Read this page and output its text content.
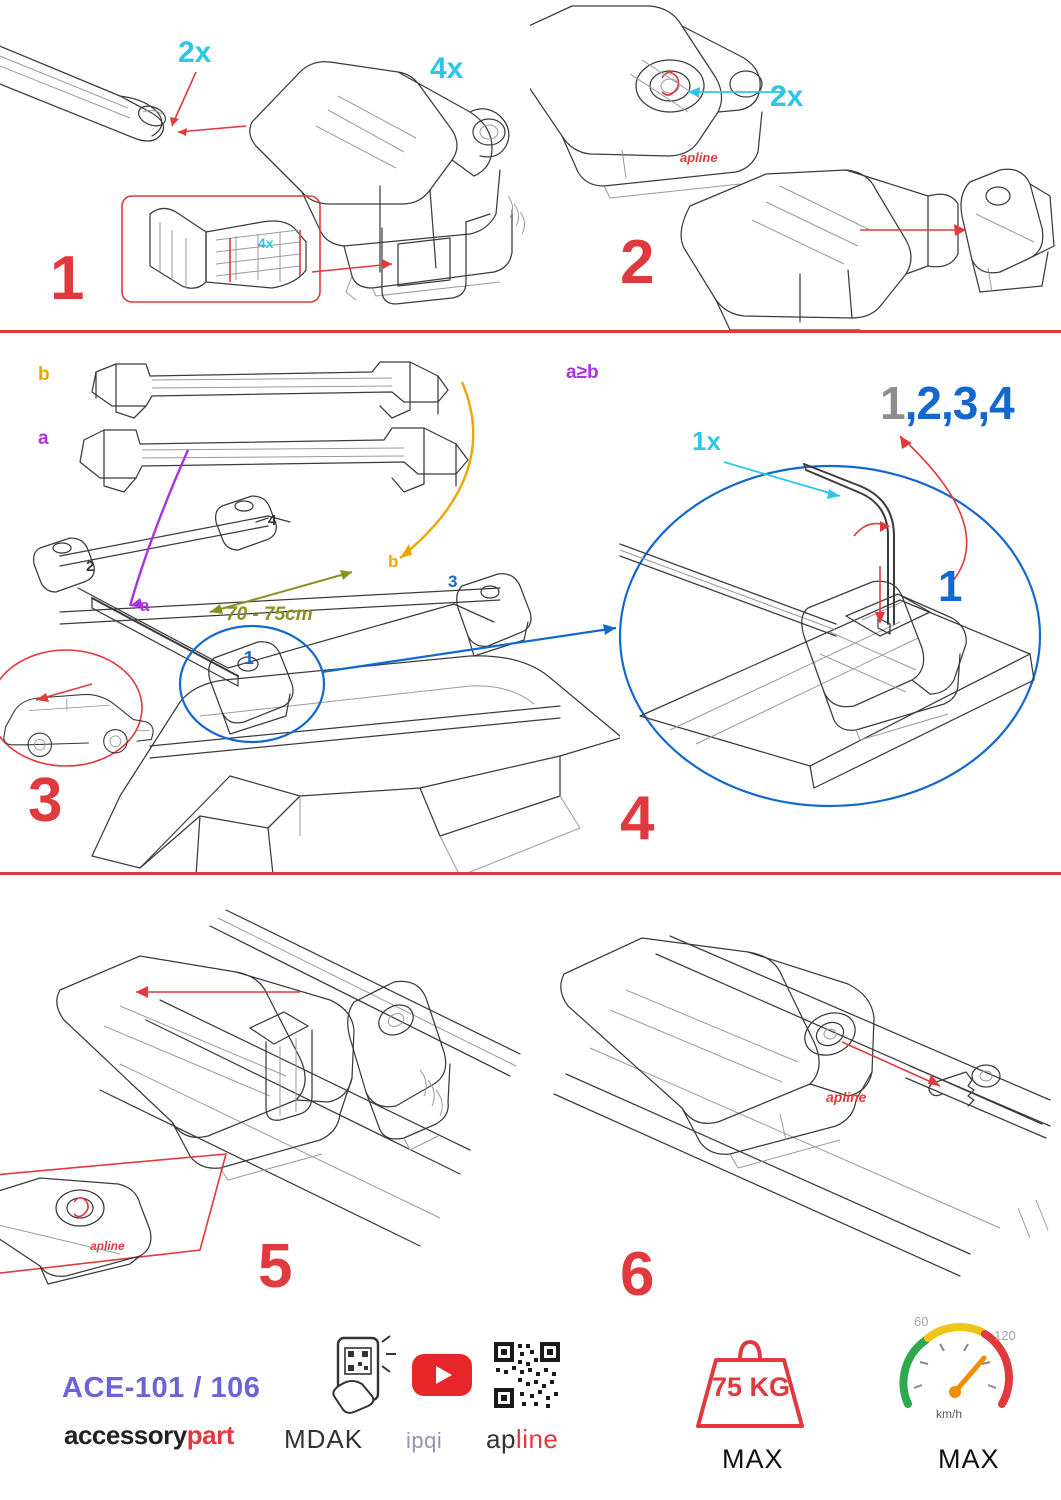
2x	4x
4x
1
apline
2x
2
b
a
a
b
70 - 75cm
1
2
3
4
3
a≥b
1x
1
1,2,3,4
4
apline 5
apline
6
ACE-101 / 106
accessorypart MDAK ipqi apline
75 KG
MAX
60
120
km/h
MAX
